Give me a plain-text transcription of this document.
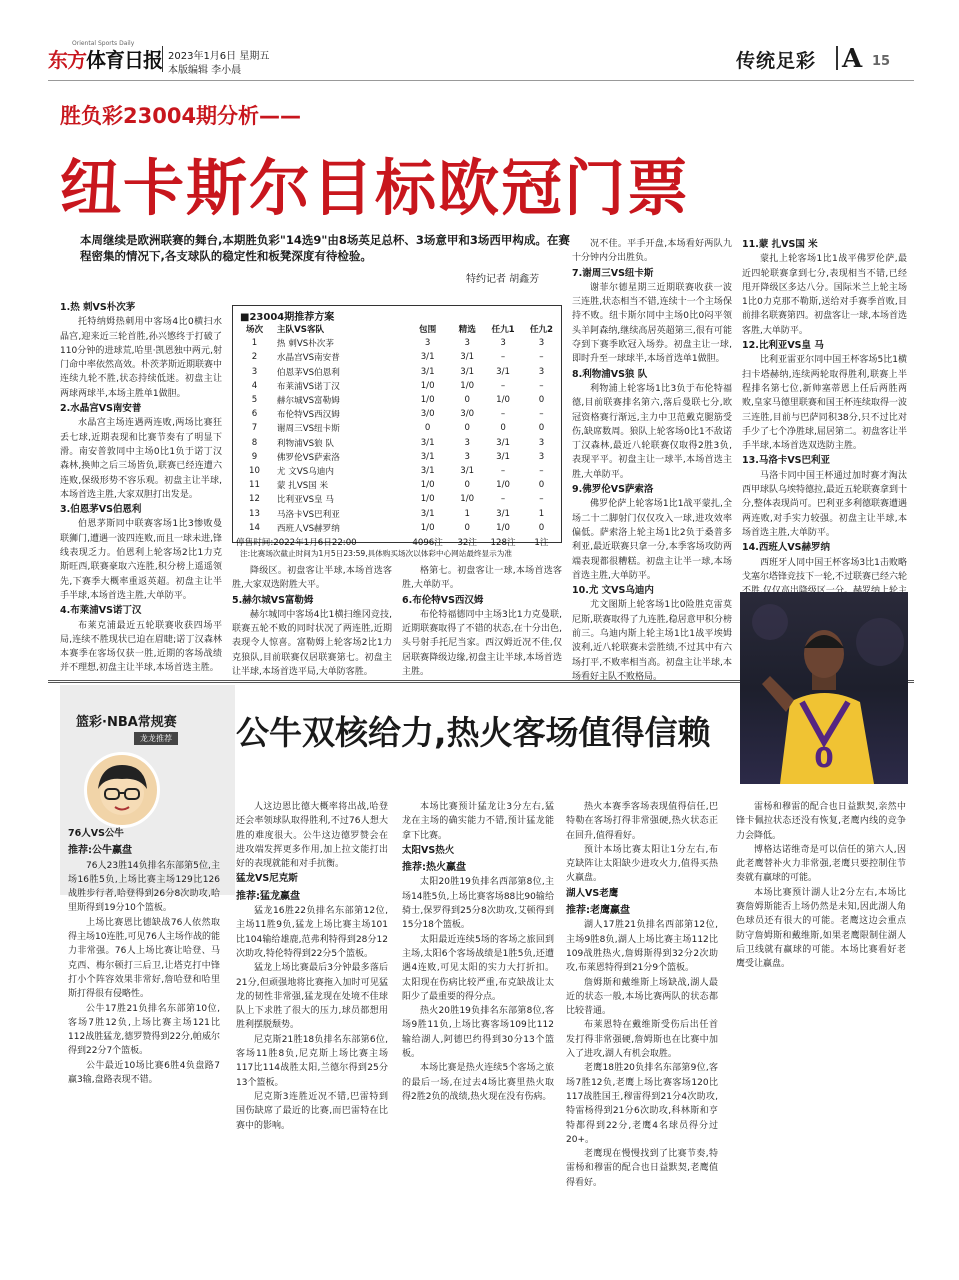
东方体育日报
Oriental Sports Daily
2023年1月6日 星期五
本版编辑 李小晨	传统足彩 A 15
胜负彩23004期分析——
纽卡斯尔目标欧冠门票
本周继续是欧洲联赛的舞台,本期胜负彩"14选9"由8场英足总杯、3场意甲和3场西甲构成。在赛程密集的情况下,各支球队的稳定性和板凳深度有待检验。
特约记者 胡鑫芳
1.热 刺VS朴次茅
托特纳姆热刺用中客场4比0横扫水晶宫,迎来近三轮首胜,孙兴慜终于打破了110分钟的进球荒,哈里·凯恩独中两元,射门命中率依然高效。朴茨茅斯近期联赛中连续九轮不胜,状态持续低迷。初盘主让两球两球半,本场主胜单1做胆。
2.水晶宫VS南安普
水晶宫主场连遇两连败,两场比赛狂丢七球,近期表现和比赛节奏有了明显下滑。南安普敦同中主场0比1负于诺丁汉森林,换帅之后三场皆负,联赛已经连遭六连败,保级形势不容乐观。初盘主让半球,本场首选主胜,大家双胆打出发是。
3.伯恩茅VS伯恩利
伯恩茅斯同中联赛客场1比3惨败曼联狮门,遭遇一波四连败,而且一球未进,锋线表现乏力。伯恩利上轮客场2比1力克斯旺西,联赛豪取六连胜,积分榜上遥遥领先,下赛季大概率重返英超。初盘主让半手半球,本场首选主胜,大单防平。
4.布莱浦VS诺丁汉
布莱克浦最近五轮联赛收获四场平局,连续不胜现状已迫在眉睫;诺丁汉森林本赛季在客场仅获一胜,近期的客场战绩并不理想,初盘主让半球,本场首选主胜。
降级区。初盘客让半球,本场首选客胜,大家双选附胜大平。
5.赫尔城VS富勒姆
赫尔城同中客场4比1横扫维冈竞技,联赛五轮不败的同时状况了两连胜,近期表现令人惊喜。富勒姆上轮客场2比1力克狼队,目前联赛仅居联赛第七。初盘主让半球,本场首选平局,大单防客胜。
格第七。初盘客让一球,本场首选客胜,大单防平。
6.布伦特VS西汉姆
布伦特福德同中主场3比1力克曼联,近期联赛取得了不错的状态,在十分出色,头号射手托尼当家。西汉姆近况不佳,仅居联赛降级边缘,初盘主让半球,本场首选主胜。
况不佳。平手开盘,本场看好两队九十分钟内分出胜负。
7.谢周三VS纽卡斯
谢菲尔德星期三近期联赛收获一波三连胜,状态相当不错,连续十一个主场保持不败。纽卡斯尔同中主场0比0闷平领头羊阿森纳,继续高居英超第三,很有可能夺到下赛季欧冠入场券。初盘主让一球,即时升至一球球半,本场首选单1做胆。
8.利物浦VS狼 队
利物浦上轮客场1比3负于布伦特福德,目前联赛排名第六,落后曼联七分,欧冠资格赛行渐远,主力中卫范戴克腿筋受伤,缺席数周。狼队上轮客场0比1不敌诺丁汉森林,最近八轮联赛仅取得2胜3负,表现平平。初盘主让一球半,本场首选主胜,大单防平。
9.佛罗伦VS萨索洛
佛罗伦萨上轮客场1比1战平蒙扎,全场二十二脚射门仅仅攻入一球,进攻效率偏低。萨索洛上轮主场1比2负于桑普多利亚,最近联赛只拿一分,本季客场攻防两端表现都很糟糕。初盘主让半一球,本场首选主胜,大单防平。
10.尤 文VS乌迪内
尤文图斯上轮客场1比0险胜克雷莫尼斯,联赛取得了九连胜,稳居意甲积分榜前三。乌迪内斯上轮主场1比1战平埃姆波利,近八轮联赛未尝胜绩,不过其中有六场打平,不败率相当高。初盘主让半球,本场看好主队不败格局。
11.蒙 扎VS国 米
蒙扎上轮客场1比1战平佛罗伦萨,最近四轮联赛拿到七分,表现相当不错,已经甩开降级区多达八分。国际米兰上轮主场1比0力克那不勒斯,送给对手赛季首败,目前排名联赛第四。初盘客让一球,本场首选客胜,大单防平。
12.比利亚VS皇 马
比利亚雷亚尔同中国王杯客场5比1横扫卡塔赫纳,连续两轮取得胜利,联赛上半程排名第七位,新帅塞蒂恩上任后两胜两败,皇家马德里联赛和国王杯连续取得一波三连胜,目前与巴萨同积38分,只不过比对手少了七个净胜球,屈居第二。初盘客让半手半球,本场首选双选防主胜。
13.马洛卡VS巴利亚
马洛卡同中国王杯通过加时赛才淘汰西甲球队乌埃特德拉,最近五轮联赛拿到十分,整体表现尚可。巴利亚多利德联赛遭遇两连败,对手实力较强。初盘主让半球,本场首选主胜,大单防平。
14.西班人VS赫罗纳
西班牙人同中国王杯客场3比1击败略戈塞尔塔锋竞技下一轮,不过联赛已经六轮
■23004期推荐方案
场次	主队VS客队	包围	精选	任九1	任九2
1	热 刺VS朴次茅	3	3	3	3
2	水晶宫VS南安普	3/1	3/1	–	–
3	伯恩茅VS伯恩利	3/1	3/1	3/1	3
4	布莱浦VS诺丁汉	1/0	1/0	–	–
5	赫尔城VS富勒姆	1/0	0	1/0	0
6	布伦特VS西汉姆	3/0	3/0	–	–
7	谢周三VS纽卡斯	0	0	0	0
8	利物浦VS狼 队	3/1	3	3/1	3
9	佛罗伦VS萨索洛	3/1	3	3/1	3
10	尤 文VS乌迪内	3/1	3/1	–	–
11	蒙 扎VS国 米	1/0	0	1/0	0
12	比利亚VS皇 马	1/0	1/0	–	–
13	马洛卡VS巴利亚	3/1	1	3/1	1
14	西班人VS赫罗纳	1/0	0	1/0	0
停售时间:2022年1月6日22:00		4096注	32注	128注	1注
注:比赛场次截止时间为1月5日23:59,具体购买场次以体彩中心网站最终显示为准
篮彩·NBA常规赛
龙龙推荐 公牛双核给力,热火客场值得信赖
76人VS公牛
推荐:公牛赢盘
76人23胜14负排名东部第5位,主场16胜5负,上场比赛主场129比126战胜步行者,哈登得到26分8次助攻,哈里斯得到19分10个篮板。
上场比赛恩比德缺战76人依然取得主场10连胜,可见76人主场作战的能力非常强。76人上场比赛让哈登、马克西、梅尔顿打三后卫,让塔克打中锋打小个阵容效果非常好,詹哈登和哈里斯打得很有侵略性。
公牛17胜21负排名东部第10位,客场7胜12负,上场比赛主场121比112战胜猛龙,德罗赞得到22分,帕威尔得到22分7个篮板。
公牛最近10场比赛6胜4负盘路7赢3输,盘路表现不错。
人这边恩比德大概率将出战,哈登还会率领球队取得胜利,不过76人想大胜的难度很大。公牛这边德罗赞会在进攻端发挥更多作用,加上拉文能打出好的表现就能和对手抗衡。
猛龙VS尼克斯
推荐:猛龙赢盘
猛龙16胜22负排名东部第12位,主场11胜9负,猛龙上场比赛主场101比104输给雄鹿,范弗利特得到28分12次助攻,特伦特得到22分5个篮板。
猛龙上场比赛最后3分钟最多落后21分,但顽强地将比赛拖入加时可见猛龙的韧性非常强,猛龙现在处境不佳球队上下求胜了很大的压力,球员都想用胜利摆脱颓势。
尼克斯21胜18负排名东部第6位,客场11胜8负,尼克斯上场比赛主场117比114战胜太阳,兰德尔得到25分13个篮板。
尼克斯3连胜近况不错,巴雷特到国伤缺席了最近的比赛,而巴雷特在比赛中的影响。
本场比赛预计猛龙让3分左右,猛龙在主场的确实能力不错,预计猛龙能拿下比赛。
太阳VS热火
推荐:热火赢盘
太阳20胜19负排名西部第8位,主场14胜5负,上场比赛客场88比90输给骑士,保罗得到25分8次助攻,艾顿得到15分18个篮板。
太阳最近连续5场的客场之旅回到主场,太阳6个客场战绩是1胜5负,还遭遇4连败,可见太阳的实力大打折扣。太阳现在伤病比较严重,布克缺战让太阳少了最重要的得分点。
热火20胜19负排名东部第8位,客场9胜11负,上场比赛客场109比112输给湖人,阿德巴约得到30分13个篮板。
本场比赛是热火连续5个客场之旅的最后一场,在过去4场比赛里热火取得2胜2负的战绩,热火现在没有伤病。
热火本赛季客场表现值得信任,巴特勒在客场打得非常强硬,热火状态正在回升,值得看好。
预计本场比赛太阳让1分左右,布克缺阵让太阳缺少进攻火力,值得买热火赢盘。
湖人VS老鹰
推荐:老鹰赢盘
湖人17胜21负排名西部第12位,主场9胜8负,湖人上场比赛主场112比109战胜热火,詹姆斯得到32分2次助攻,布莱恩特得到21分9个篮板。
詹姆斯和戴维斯上场缺战,湖人最近的状态一般,本场比赛两队的状态都比较普通。
布莱恩特在戴维斯受伤后出任首发打得非常强硬,詹姆斯也在比赛中加入了进攻,湖人有机会取胜。
老鹰18胜20负排名东部第9位,客场7胜12负,老鹰上场比赛客场120比117战胜国王,穆雷得到21分4次助攻,特雷杨得到21分6次助攻,科林斯和亨特都得到22分,老鹰4名球员得分过20+。
老鹰现在慢慢找到了比赛节奏,特雷杨和穆雷的配合也日益默契,老鹰值得看好。
雷杨和穆雷的配合也日益默契,亲然中锋卡佩拉状态还没有恢复,老鹰内线的竞争力会降低。
博格达诺维奇是可以信任的第六人,因此老鹰替补火力非常强,老鹰只要控制住节奏就有赢球的可能。
本场比赛预计湖人让2分左右,本场比赛詹姆斯能否上场仍然是未知,因此湖人角色球员还有很大的可能。老鹰这边会重点防守詹姆斯和戴维斯,如果老鹰限制住湖人后卫线就有赢球的可能。本场比赛看好老鹰受让赢盘。
0
